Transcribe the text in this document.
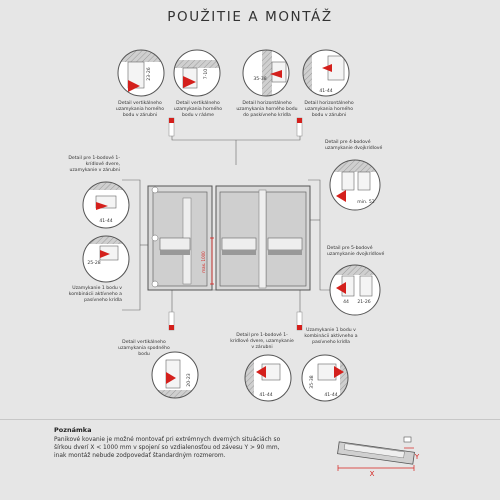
POUŽITIE A MONTÁŽ
23-26	7-10
35-38
41-44
41-44
25-28
min. 52
44 21-26
max. 1000
20-23
41-44
35-38
41-44
X
Y
Detail vertikálneho uzamykania horného bodu v zárubni
Detail vertikálneho uzamykania horného bodu v rááme
Detail horizontálneho uzamykania horného bodu do paskívneho krídla
Detail horizontálneho uzamykania horného bodu v zárubni
Detail pre 1-bodové 1-krídlové dvere, uzamykanie v zárubni
Uzamykanie 1 bodu v kombinácii aktívneho a pasívneho krídla
Detail pre 4-bodové uzamykanie dvojkrídlové
Detail pre 5-bodové uzamykanie dvojkrídlové
Detail vertikálneho uzamykania spodného bodu
Detail pre 1-bodové 1-krídlové dvere, uzamykanie v zárubni
Uzamykanie 1 bodu v kombinácii aktívneho a pasívneho krídla
Poznámka
Panikové kovanie je možné montovať pri extrémnych dverných situáciách so
šírkou dverí X < 1000 mm v spojení so vzdialenosťou od závesu Y > 90 mm,
inak montáž nebude zodpovedať štandardným rozmerom.
